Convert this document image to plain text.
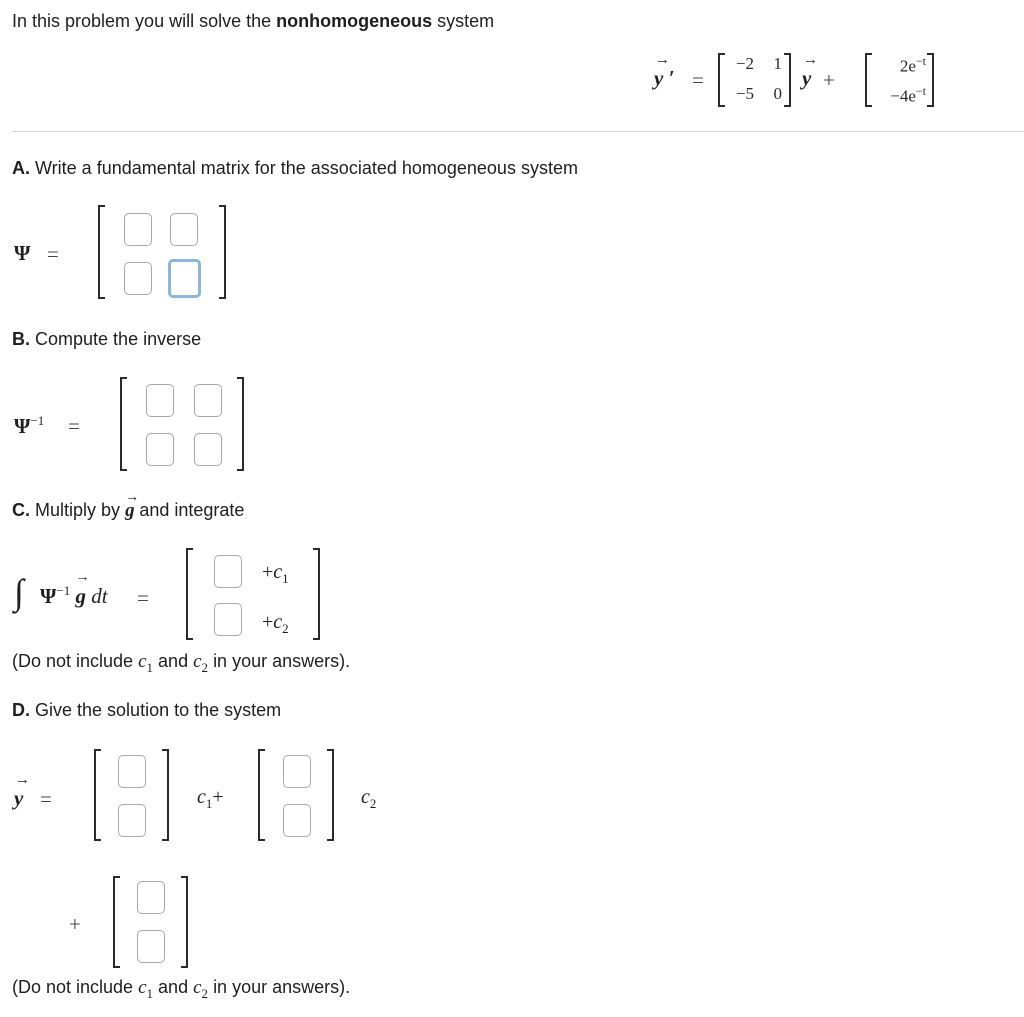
In this problem you will solve the nonhomogeneous system
→
y ′ =
−2	1
−5	0
→
y +
$2e^{-t}$
$-4e^{-t}$
A. Write a fundamental matrix for the associated homogeneous system
Ψ =
B. Compute the inverse
$\Psi^{-1}$ =
C. Multiply by
→
g and integrate
∫ $\Psi^{-1}$
→
g dt =
$+c_1$
$+c_2$
(Do not include $c_1$ and $c_2$ in your answers).
D. Give the solution to the system
→
y =	$c_1+$	$c_2$
+
(Do not include $c_1$ and $c_2$ in your answers).
